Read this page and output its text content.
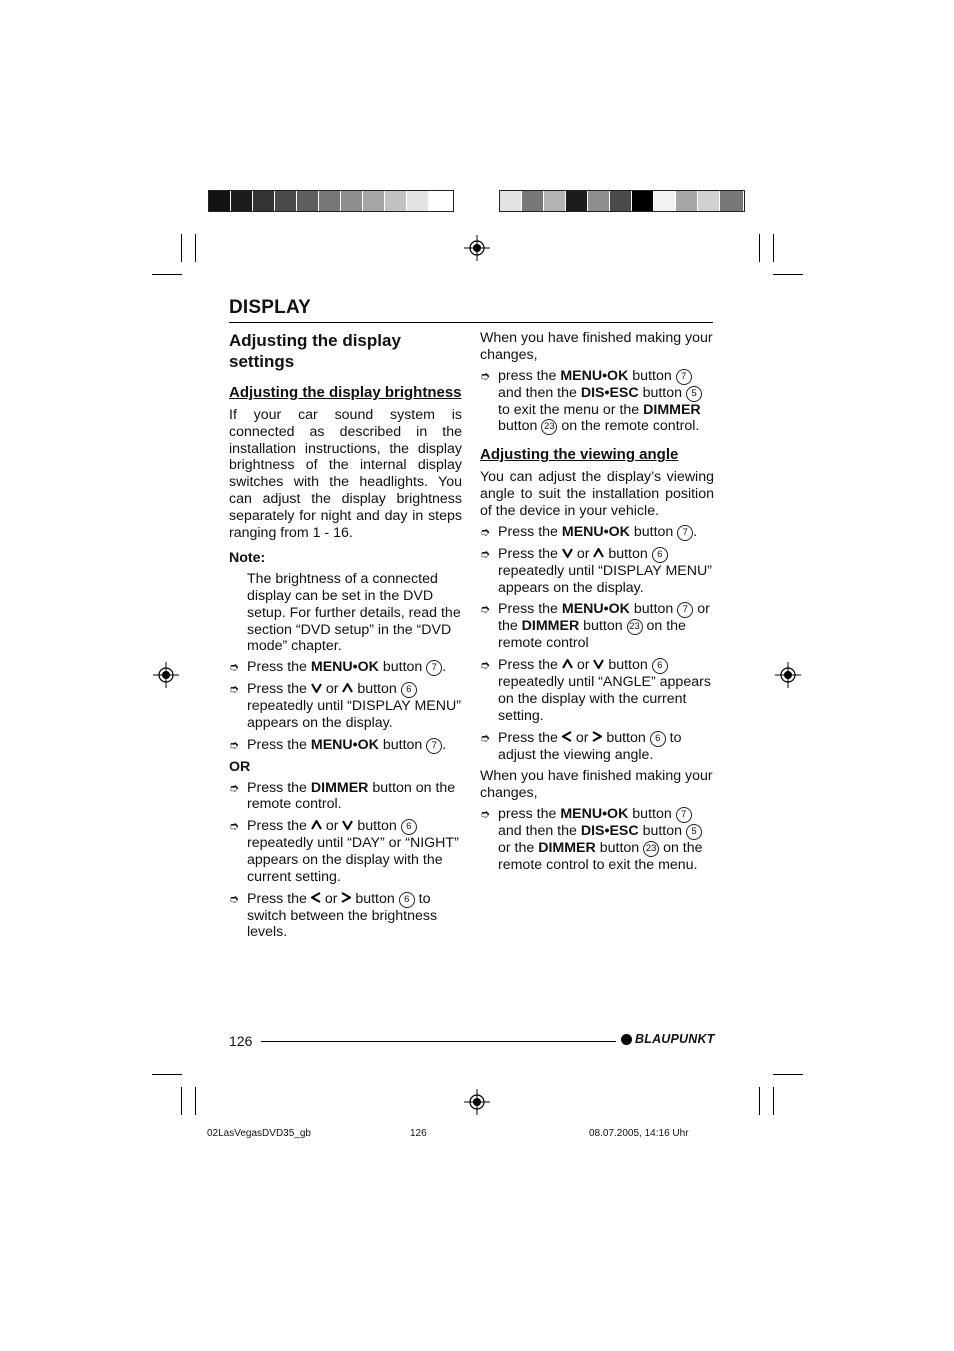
DISPLAY
Adjusting the display settings
Adjusting the display brightness

If your car sound system is connected as described in the installation instructions, the display brightness of the internal display switches with the headlights. You can adjust the display brightness separately for night and day in steps ranging from 1 - 16.

Note:

The brightness of a connected display can be set in the DVD setup. For further details, read the section “DVD setup” in the “DVD mode” chapter.

➮ Press the MENU•OK button 7 .
➮ Press the  or  button 6 repeatedly until “DISPLAY MENU” appears on the display.
➮ Press the MENU•OK button 7 .

OR

➮ Press the DIMMER button on the remote control.
➮ Press the  or  button 6 repeatedly until “DAY” or “NIGHT” appears on the display with the current setting.
➮ Press the  or  button 6 to switch between the brightness levels.

When you have finished making your changes,

➮ press the MENU•OK button 7 and then the DIS•ESC button 5 to exit the menu or the DIMMER button 23 on the remote control.
Adjusting the viewing angle

You can adjust the display’s viewing angle to suit the installation position of the device in your vehicle.

➮ Press the MENU•OK button 7 .
➮ Press the  or  button 6 repeatedly until “DISPLAY MENU” appears on the display.
➮ Press the MENU•OK button 7 or the DIMMER button 23 on the remote control
➮ Press the  or  button 6 repeatedly until “ANGLE” appears on the display with the current setting.
➮ Press the  or  button 6 to adjust the viewing angle.

When you have finished making your changes,

➮ press the MENU•OK button 7 and then the DIS•ESC button 5 or the DIMMER button 23 on the remote control to exit the menu.
126	BLAUPUNKT
02LasVegasDVD35_gb	126	08.07.2005, 14:16 Uhr
